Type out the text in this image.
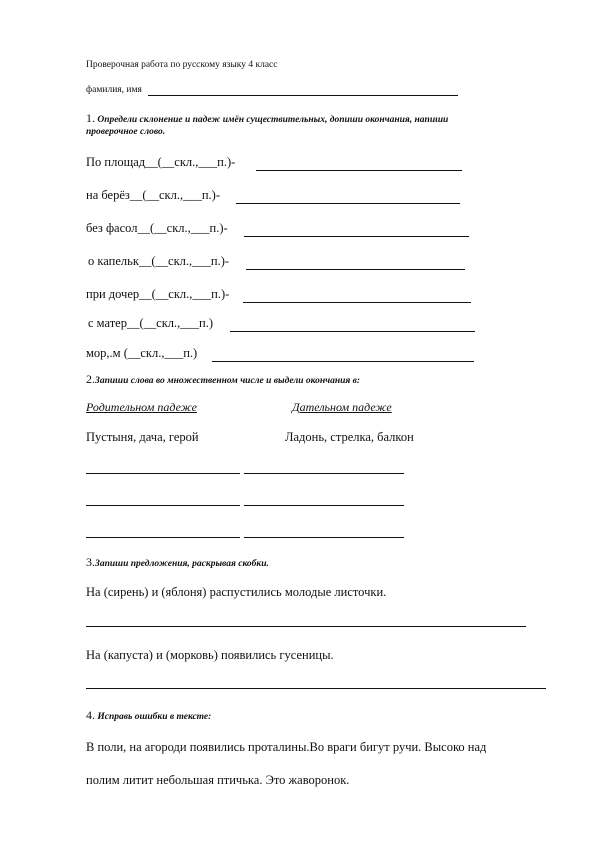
Проверочная работа по русскому языку 4 класс
фамилия, имя
1. Определи склонение и падеж имён существительных, допиши окончания, напиши
проверочное слово.
По площад__(__скл.,___п.)-
на берёз__(__скл.,___п.)-
без фасол__(__скл.,___п.)-
о капельк__(__скл.,___п.)-
при дочер__(__скл.,___п.)-
с матер__(__скл.,___п.)
мор,.м (__скл.,___п.)
2.Запиши слова во множественном числе и выдели окончания в:
Родительном падеже	Дательном падеже
Пустыня, дача, герой	Ладонь, стрелка, балкон
3.Запиши предложения, раскрывая скобки.
На (сирень) и (яблоня) распустились молодые листочки.
На (капуста) и (морковь) появились гусеницы.
4. Исправь ошибки в тексте:
В поли, на агороди появились проталины.Во враги бигут ручи. Высоко над
полим литит небольшая птичька. Это жаворонок.
